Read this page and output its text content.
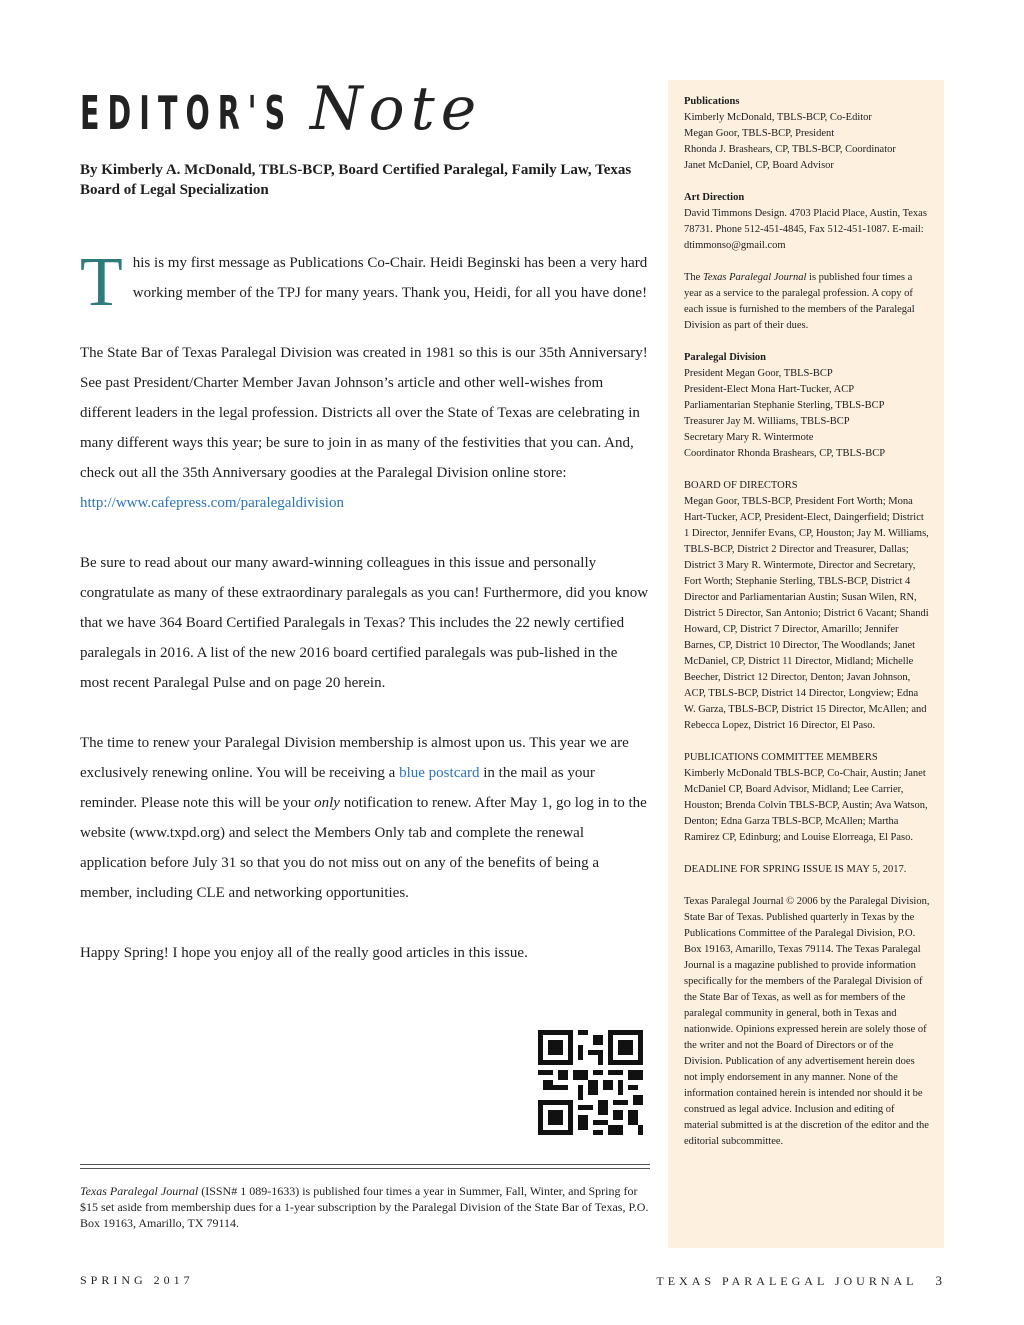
EDITOR'S Note
By Kimberly A. McDonald, TBLS-BCP, Board Certified Paralegal, Family Law, Texas Board of Legal Specialization

This is my first message as Publications Co-Chair. Heidi Beginski has been a very hard working member of the TPJ for many years. Thank you, Heidi, for all you have done!

The State Bar of Texas Paralegal Division was created in 1981 so this is our 35th Anniversary! See past President/Charter Member Javan Johnson’s article and other well-wishes from different leaders in the legal profession. Districts all over the State of Texas are celebrating in many different ways this year; be sure to join in as many of the festivities that you can. And, check out all the 35th Anniversary goodies at the Paralegal Division online store: http://www.cafepress.com/paralegaldivision

Be sure to read about our many award-winning colleagues in this issue and personally congratulate as many of these extraordinary paralegals as you can! Furthermore, did you know that we have 364 Board Certified Paralegals in Texas? This includes the 22 newly certified paralegals in 2016. A list of the new 2016 board certified paralegals was pub-lished in the most recent Paralegal Pulse and on page 20 herein.

The time to renew your Paralegal Division membership is almost upon us. This year we are exclusively renewing online. You will be receiving a blue postcard in the mail as your reminder. Please note this will be your only notification to renew. After May 1, go log in to the website (www.txpd.org) and select the Members Only tab and complete the renewal application before July 31 so that you do not miss out on any of the benefits of being a member, including CLE and networking opportunities.

Happy Spring! I hope you enjoy all of the really good articles in this issue.

Texas Paralegal Journal (ISSN# 1 089-1633) is published four times a year in Summer, Fall, Winter, and Spring for $15 set aside from membership dues for a 1-year subscription by the Paralegal Division of the State Bar of Texas, P.O. Box 19163, Amarillo, TX 79114.
Publications
Kimberly McDonald, TBLS-BCP, Co-Editor
Megan Goor, TBLS-BCP, President
Rhonda J. Brashears, CP, TBLS-BCP, Coordinator
Janet McDaniel, CP, Board Advisor
Art Direction
David Timmons Design. 4703 Placid Place, Austin, Texas 78731. Phone 512-451-4845, Fax 512-451-1087. E-mail: dtimmonso@gmail.com
The Texas Paralegal Journal is published four times a year as a service to the paralegal profession. A copy of each issue is furnished to the members of the Paralegal Division as part of their dues.
Paralegal Division
President Megan Goor, TBLS-BCP
President-Elect Mona Hart-Tucker, ACP
Parliamentarian Stephanie Sterling, TBLS-BCP
Treasurer Jay M. Williams, TBLS-BCP
Secretary Mary R. Wintermote
Coordinator Rhonda Brashears, CP, TBLS-BCP
BOARD OF DIRECTORS
Megan Goor, TBLS-BCP, President Fort Worth; Mona Hart-Tucker, ACP, President-Elect, Daingerfield; District 1 Director, Jennifer Evans, CP, Houston; Jay M. Williams, TBLS-BCP, District 2 Director and Treasurer, Dallas; District 3 Mary R. Wintermote, Director and Secretary, Fort Worth; Stephanie Sterling, TBLS-BCP, District 4 Director and Parliamentarian Austin; Susan Wilen, RN, District 5 Director, San Antonio; District 6 Vacant; Shandi Howard, CP, District 7 Director, Amarillo; Jennifer Barnes, CP, District 10 Director, The Woodlands; Janet McDaniel, CP, District 11 Director, Midland; Michelle Beecher, District 12 Director, Denton; Javan Johnson, ACP, TBLS-BCP, District 14 Director, Longview; Edna W. Garza, TBLS-BCP, District 15 Director, McAllen; and Rebecca Lopez, District 16 Director, El Paso.
PUBLICATIONS COMMITTEE MEMBERS
Kimberly McDonald TBLS-BCP, Co-Chair, Austin; Janet McDaniel CP, Board Advisor, Midland; Lee Carrier, Houston; Brenda Colvin TBLS-BCP, Austin; Ava Watson, Denton; Edna Garza TBLS-BCP, McAllen; Martha Ramirez CP, Edinburg; and Louise Elorreaga, El Paso.
DEADLINE FOR SPRING ISSUE IS MAY 5, 2017.
Texas Paralegal Journal © 2006 by the Paralegal Division, State Bar of Texas. Published quarterly in Texas by the Publications Committee of the Paralegal Division, P.O. Box 19163, Amarillo, Texas 79114. The Texas Paralegal Journal is a magazine published to provide information specifically for the members of the Paralegal Division of the State Bar of Texas, as well as for members of the paralegal community in general, both in Texas and nationwide. Opinions expressed herein are solely those of the writer and not the Board of Directors or of the Division. Publication of any advertisement herein does not imply endorsement in any manner. None of the information contained herein is intended nor should it be construed as legal advice. Inclusion and editing of material submitted is at the discretion of the editor and the editorial subcommittee.
SPRING 2017	TEXAS PARALEGAL JOURNAL 3
